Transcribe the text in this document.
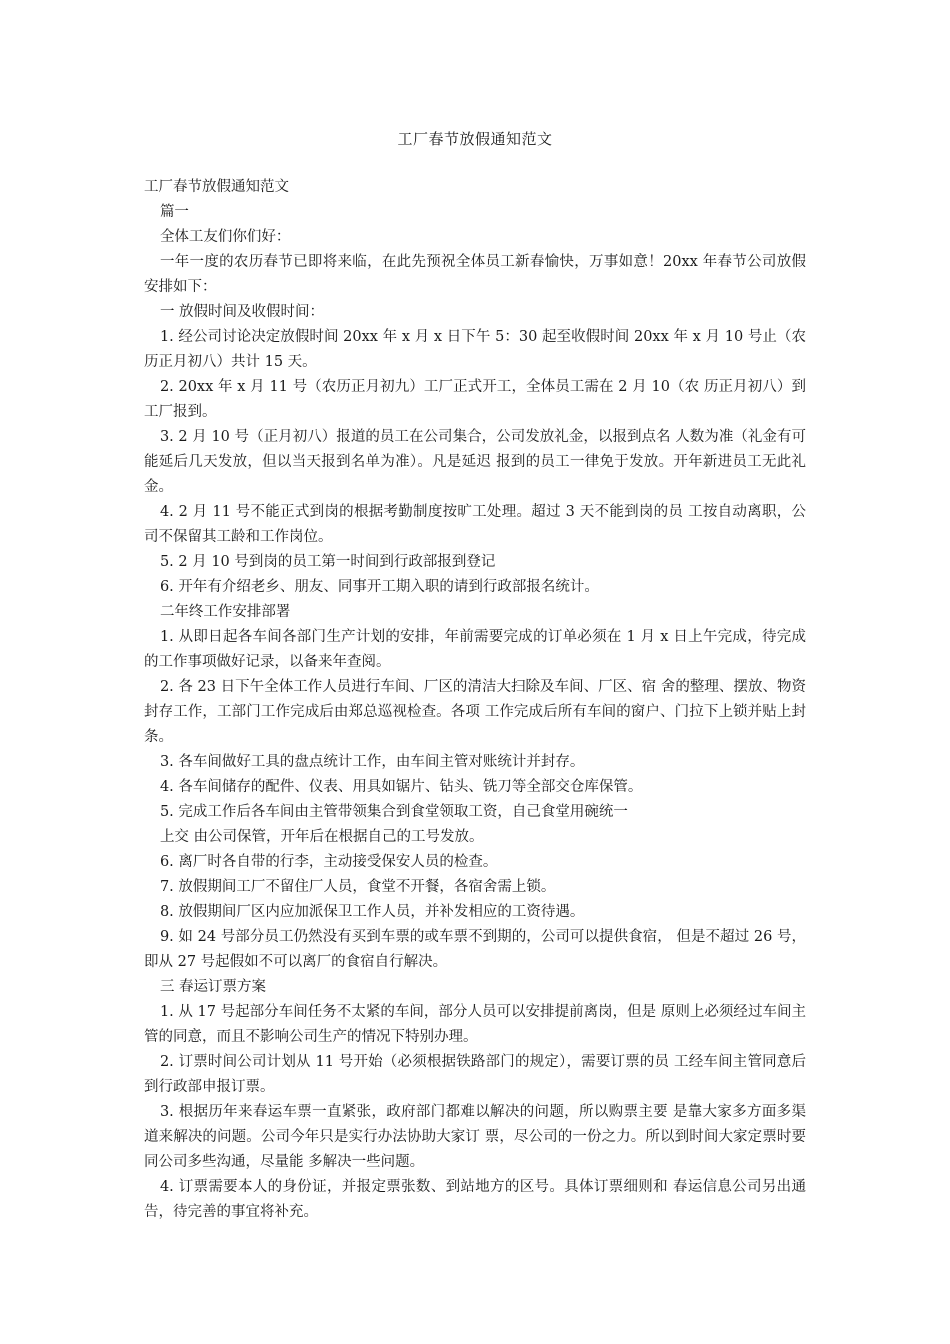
工厂春节放假通知范文

工厂春节放假通知范文

篇一

全体工友们你们好：

一年一度的农历春节已即将来临，在此先预祝全体员工新春愉快，万事如意！20xx 年春节公司放假安排如下：

一 放假时间及收假时间：

1. 经公司讨论决定放假时间 20xx 年 x 月 x 日下午 5：30 起至收假时间 20xx 年 x 月 10 号止（农历正月初八）共计 15 天。

2. 20xx 年 x 月 11 号（农历正月初九）工厂正式开工，全体员工需在 2 月 10（农 历正月初八）到工厂报到。

3. 2 月 10 号（正月初八）报道的员工在公司集合，公司发放礼金，以报到点名 人数为准（礼金有可能延后几天发放，但以当天报到名单为准）。凡是延迟 报到的员工一律免于发放。开年新进员工无此礼金。

4. 2 月 11 号不能正式到岗的根据考勤制度按旷工处理。超过 3 天不能到岗的员 工按自动离职，公司不保留其工龄和工作岗位。

5. 2 月 10 号到岗的员工第一时间到行政部报到登记

6. 开年有介绍老乡、朋友、同事开工期入职的请到行政部报名统计。

二年终工作安排部署

1. 从即日起各车间各部门生产计划的安排，年前需要完成的订单必须在 1 月 x 日上午完成，待完成的工作事项做好记录，以备来年查阅。

2. 各 23 日下午全体工作人员进行车间、厂区的清洁大扫除及车间、厂区、宿 舍的整理、摆放、物资封存工作，工部门工作完成后由郑总巡视检查。各项 工作完成后所有车间的窗户、门拉下上锁并贴上封条。

3. 各车间做好工具的盘点统计工作，由车间主管对账统计并封存。

4. 各车间储存的配件、仪表、用具如锯片、钻头、铣刀等全部交仓库保管。

5. 完成工作后各车间由主管带领集合到食堂领取工资，自己食堂用碗统一

上交 由公司保管，开年后在根据自己的工号发放。

6. 离厂时各自带的行李，主动接受保安人员的检查。

7. 放假期间工厂不留住厂人员，食堂不开餐，各宿舍需上锁。

8. 放假期间厂区内应加派保卫工作人员，并补发相应的工资待遇。

9. 如 24 号部分员工仍然没有买到车票的或车票不到期的，公司可以提供食宿， 但是不超过 26 号，即从 27 号起假如不可以离厂的食宿自行解决。

三 春运订票方案

1. 从 17 号起部分车间任务不太紧的车间，部分人员可以安排提前离岗，但是 原则上必须经过车间主管的同意，而且不影响公司生产的情况下特别办理。

2. 订票时间公司计划从 11 号开始（必须根据铁路部门的规定），需要订票的员 工经车间主管同意后到行政部申报订票。

3. 根据历年来春运车票一直紧张，政府部门都难以解决的问题，所以购票主要 是靠大家多方面多渠道来解决的问题。公司今年只是实行办法协助大家订 票，尽公司的一份之力。所以到时间大家定票时要同公司多些沟通，尽量能 多解决一些问题。

4. 订票需要本人的身份证，并报定票张数、到站地方的区号。具体订票细则和 春运信息公司另出通告，待完善的事宜将补充。
